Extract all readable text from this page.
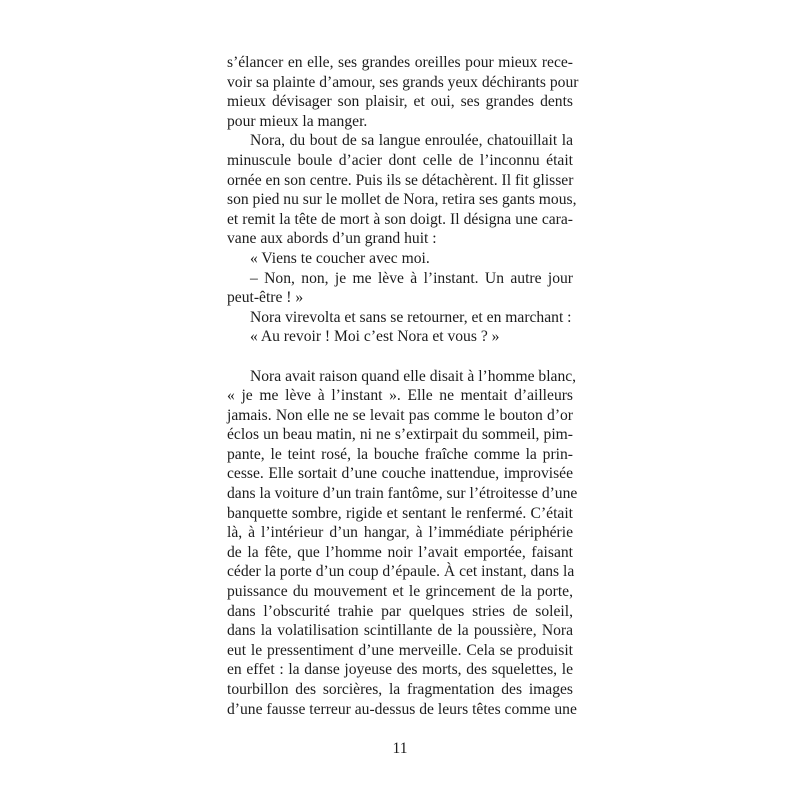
s’élancer en elle, ses grandes oreilles pour mieux rece-
voir sa plainte d’amour, ses grands yeux déchirants pour
mieux dévisager son plaisir, et oui, ses grandes dents
pour mieux la manger.
Nora, du bout de sa langue enroulée, chatouillait la
minuscule boule d’acier dont celle de l’inconnu était
ornée en son centre. Puis ils se détachèrent. Il fit glisser
son pied nu sur le mollet de Nora, retira ses gants mous,
et remit la tête de mort à son doigt. Il désigna une cara-
vane aux abords d’un grand huit :
« Viens te coucher avec moi.
– Non, non, je me lève à l’instant. Un autre jour
peut-être ! »
Nora virevolta et sans se retourner, et en marchant :
« Au revoir ! Moi c’est Nora et vous ? »
Nora avait raison quand elle disait à l’homme blanc,
« je me lève à l’instant ». Elle ne mentait d’ailleurs
jamais. Non elle ne se levait pas comme le bouton d’or
éclos un beau matin, ni ne s’extirpait du sommeil, pim-
pante, le teint rosé, la bouche fraîche comme la prin-
cesse. Elle sortait d’une couche inattendue, improvisée
dans la voiture d’un train fantôme, sur l’étroitesse d’une
banquette sombre, rigide et sentant le renfermé. C’était
là, à l’intérieur d’un hangar, à l’immédiate périphérie
de la fête, que l’homme noir l’avait emportée, faisant
céder la porte d’un coup d’épaule. À cet instant, dans la
puissance du mouvement et le grincement de la porte,
dans l’obscurité trahie par quelques stries de soleil,
dans la volatilisation scintillante de la poussière, Nora
eut le pressentiment d’une merveille. Cela se produisit
en effet : la danse joyeuse des morts, des squelettes, le
tourbillon des sorcières, la fragmentation des images
d’une fausse terreur au-dessus de leurs têtes comme une
11
